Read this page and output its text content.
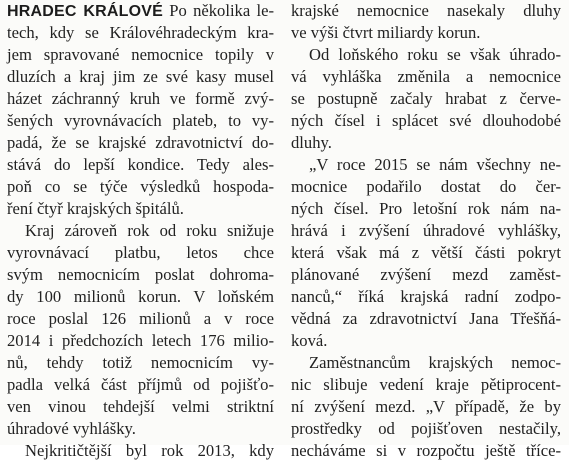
HRADEC KRÁLOVÉ Po několika le-
tech, kdy se Královéhradeckým kra-
jem spravované nemocnice topily v
dluzích a kraj jim ze své kasy musel
házet záchranný kruh ve formě zvý-
šených vyrovnávacích plateb, to vy-
padá, že se krajské zdravotnictví do-
stává do lepší kondice. Tedy ales-
poň co se týče výsledků hospoda-
ření čtyř krajských špitálů.
Kraj zároveň rok od roku snižuje
vyrovnávací platbu, letos chce
svým nemocnicím poslat dohroma-
dy 100 milionů korun. V loňském
roce poslal 126 milionů a v roce
2014 i předchozích letech 176 milio-
nů, tehdy totiž nemocnicím vy-
padla velká část příjmů od pojišťo-
ven vinou tehdejší velmi striktní
úhradové vyhlášky.
Nejkritičtější byl rok 2013, kdy
krajské nemocnice nasekaly dluhy
ve výši čtvrt miliardy korun.
Od loňského roku se však úhrado-
vá vyhláška změnila a nemocnice
se postupně začaly hrabat z červe-
ných čísel i splácet své dlouhodobé
dluhy.
„V roce 2015 se nám všechny ne-
mocnice podařilo dostat do čer-
ných čísel. Pro letošní rok nám na-
hrává i zvýšení úhradové vyhlášky,
která však má z větší části pokryt
plánované zvýšení mezd zaměst-
nanců,“ říká krajská radní zodpo-
vědná za zdravotnictví Jana Třešňá-
ková.
Zaměstnancům krajských nemoc-
nic slibuje vedení kraje pětiprocent-
ní zvýšení mezd. „V případě, že by
prostředky od pojišťoven nestačily,
necháváme si v rozpočtu ještě tříce-
